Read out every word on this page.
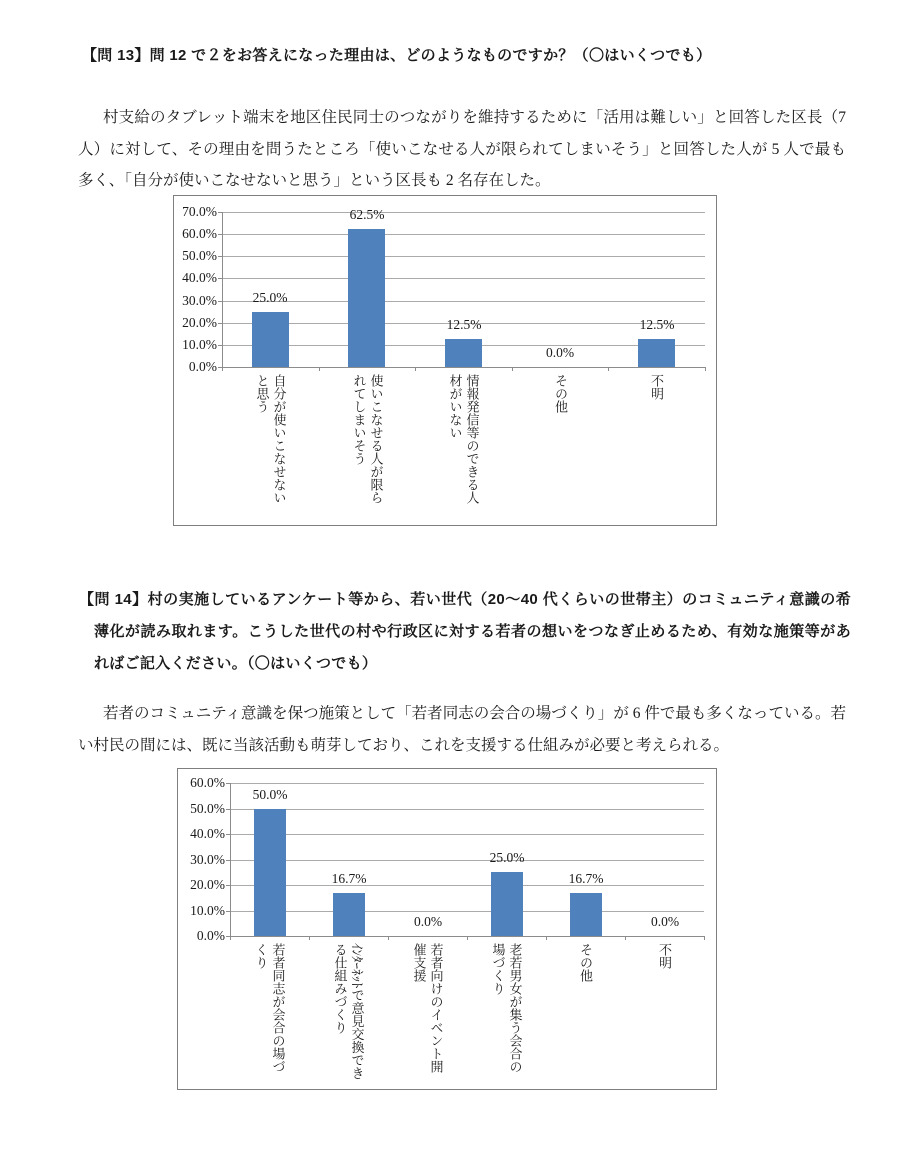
【問 13】問 12 で２をお答えになった理由は、どのようなものですか？（〇はいくつでも）
村支給のタブレット端末を地区住民同士のつながりを維持するために「活用は難しい」と回答した区長（7 人）に対して、その理由を問うたところ「使いこなせる人が限られてしまいそう」と回答した人が 5 人で最も多く、「自分が使いこなせないと思う」という区長も 2 名存在した。
70.0%
60.0%
50.0%
40.0%
30.0%
20.0%
10.0%
0.0%
25.0%
自分が使いこなせないと思う
62.5%
使いこなせる人が限られてしまいそう
12.5%
情報発信等のできる人材がいない
0.0%
その他
12.5%
不明
【問 14】村の実施しているアンケート等から、若い世代（20～40 代くらいの世帯主）のコミュニティ意識の希薄化が読み取れます。こうした世代の村や行政区に対する若者の想いをつなぎ止めるため、有効な施策等があればご記入ください。（〇はいくつでも）
若者のコミュニティ意識を保つ施策として「若者同志の会合の場づくり」が 6 件で最も多くなっている。若い村民の間には、既に当該活動も萌芽しており、これを支援する仕組みが必要と考えられる。
60.0%
50.0%
40.0%
30.0%
20.0%
10.0%
0.0%
50.0%
若者同志が会合の場づくり
16.7%
ｲﾝﾀｰﾈｯﾄで意見交換できる仕組みづくり
0.0%
若者向けのイベント開催支援
25.0%
老若男女が集う会合の場づくり
16.7%
その他
0.0%
不明
